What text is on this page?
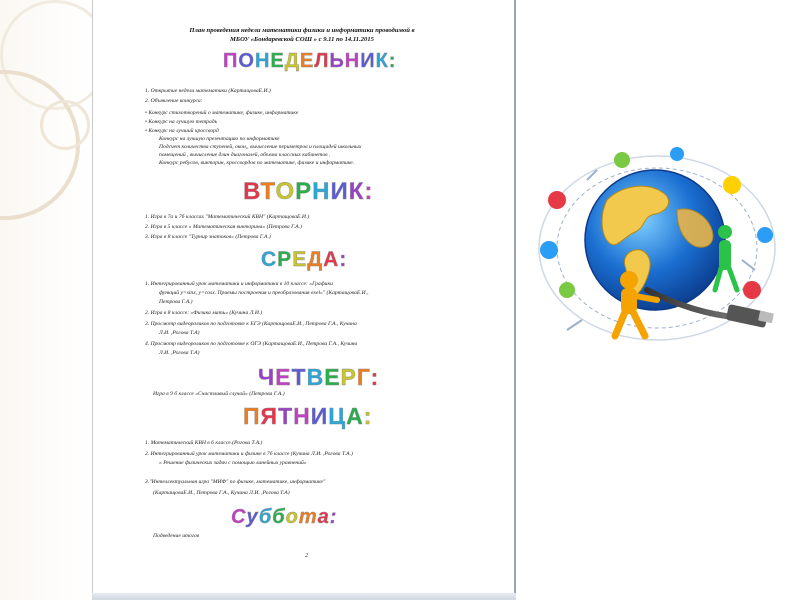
План проведения недели математики физики и информатики проводимой в
МБОУ «Бондаревской СОШ » с 9.11 по 14.11.2015
ПОНЕДЕЛЬНИК:
1. Открытие недели математики (КартащоваЕ.И.)
2. Объявление конкурса:
• Конкурс стихотворений о математике, физике, информатике
• Конкурс на лучшую тетрадь
• Конкурс на лучший кроссворд
Конкурс на лучшую презентацию по информатике
Подсчет количества ступеней, окон,, вычисление периметров и площадей школьных
помещений , вычисление длин диагоналей, объема классных кабинетов .
Конкурс ребусов, викторин, кроссвордов по математике, физике и информатике.
ВТОРНИК:
1. Игра в 7а и 7б классах "Математический КВН" (КартащоваЕ.И.)
2. Игра в 5 классе « Математическая викторина» (Петрова Г.А.)
3. Игра в 8 классе "Турнир знатоков» (Петрова Г.А.)
СРЕДА:
1. Интегрированный урок математики и информатики в 10 классе: «Графики
функций y=sinx, y=cosx. Приемы построения и преобразования еxеl»" (КартащоваЕ.И.,
Петрова Г.А.)
2. Игра в 8 классе: «Физика мать» (Кучина Л.И.)
3. Просмотр видеороликов по подготовке к ЕГЭ (КартащоваЕ.И., Петрова Г.А., Кучина
Л.И. ,Рогова Т.А)
4. Просмотр видеороликов по подготовке к ОГЭ (КартащоваЕ.И., Петрова Г.А., Кучина
Л.И. ,Рогова Т.А)
ЧЕТВЕРГ:
Игра в 9 б классе «Счастливый случай» (Петрова Г.А.)
ПЯТНИЦА:
1. Математический КВН в 6 классе.(Рогова Т.А.)
2. Интегрированный урок математики и физике в 7б классе (Кучина Л.И. ,Рогова Т.А.)
« Решение физических задач с помощью линейных уравнений»
3."Интеллектуальная игра "МИФ" по физике, математике, информатике"
(КартащоваЕ.И., Петрова Г.А., Кучина Л.И. ,Рогова Т.А)
Суббота:
Подведение итогов
2
